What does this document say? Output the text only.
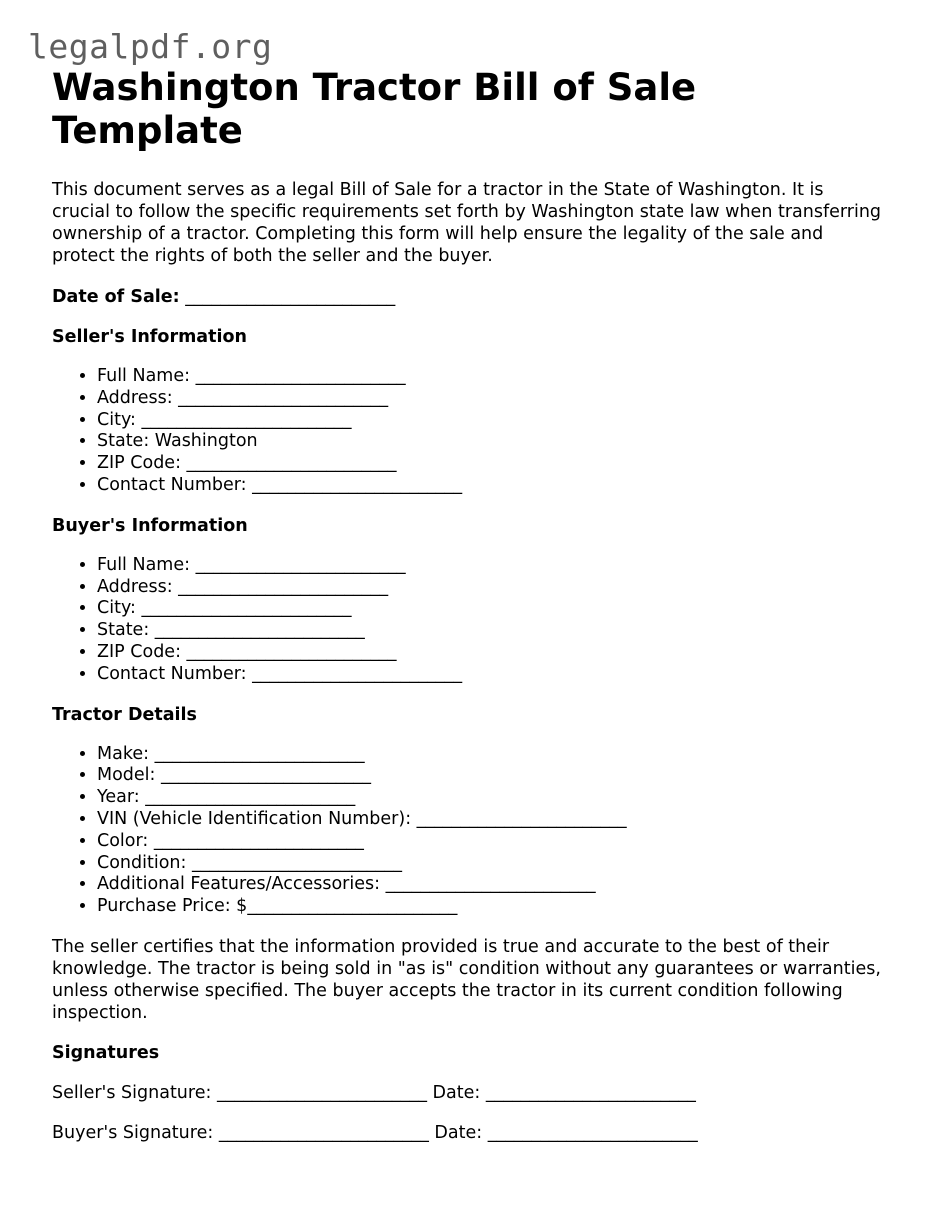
legalpdf.org
Washington Tractor Bill of Sale Template

This document serves as a legal Bill of Sale for a tractor in the State of Washington. It is crucial to follow the specific requirements set forth by Washington state law when transferring ownership of a tractor. Completing this form will help ensure the legality of the sale and protect the rights of both the seller and the buyer.

Date of Sale: ________________________

Seller's Information
• Full Name: ________________________
• Address: ________________________
• City: ________________________
• State: Washington
• ZIP Code: ________________________
• Contact Number: ________________________
Buyer's Information
• Full Name: ________________________
• Address: ________________________
• City: ________________________
• State: ________________________
• ZIP Code: ________________________
• Contact Number: ________________________
Tractor Details
• Make: ________________________
• Model: ________________________
• Year: ________________________
• VIN (Vehicle Identification Number): ________________________
• Color: ________________________
• Condition: ________________________
• Additional Features/Accessories: ________________________
• Purchase Price: $________________________

The seller certifies that the information provided is true and accurate to the best of their knowledge. The tractor is being sold in "as is" condition without any guarantees or warranties, unless otherwise specified. The buyer accepts the tractor in its current condition following inspection.

Signatures

Seller's Signature: ________________________ Date: ________________________

Buyer's Signature: ________________________ Date: ________________________
